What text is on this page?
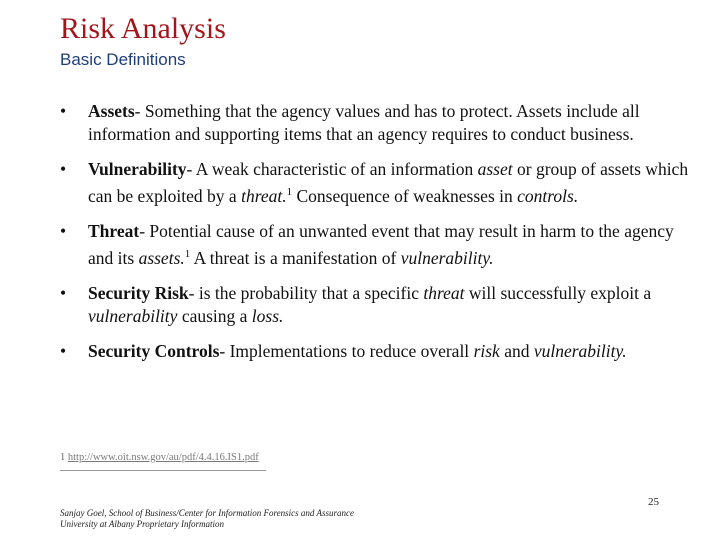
Risk Analysis
Basic Definitions
• Assets- Something that the agency values and has to protect. Assets include all information and supporting items that an agency requires to conduct business.
• Vulnerability- A weak characteristic of an information asset or group of assets which can be exploited by a threat.$^1$ Consequence of weaknesses in controls.
• Threat- Potential cause of an unwanted event that may result in harm to the agency and its assets.$^1$ A threat is a manifestation of vulnerability.
• Security Risk- is the probability that a specific threat will successfully exploit a vulnerability causing a loss.
• Security Controls- Implementations to reduce overall risk and vulnerability.
1 http://www.oit.nsw.gov/au/pdf/4.4.16.IS1.pdf
Sanjay Goel, School of Business/Center for Information Forensics and Assurance
University at Albany Proprietary Information
25
